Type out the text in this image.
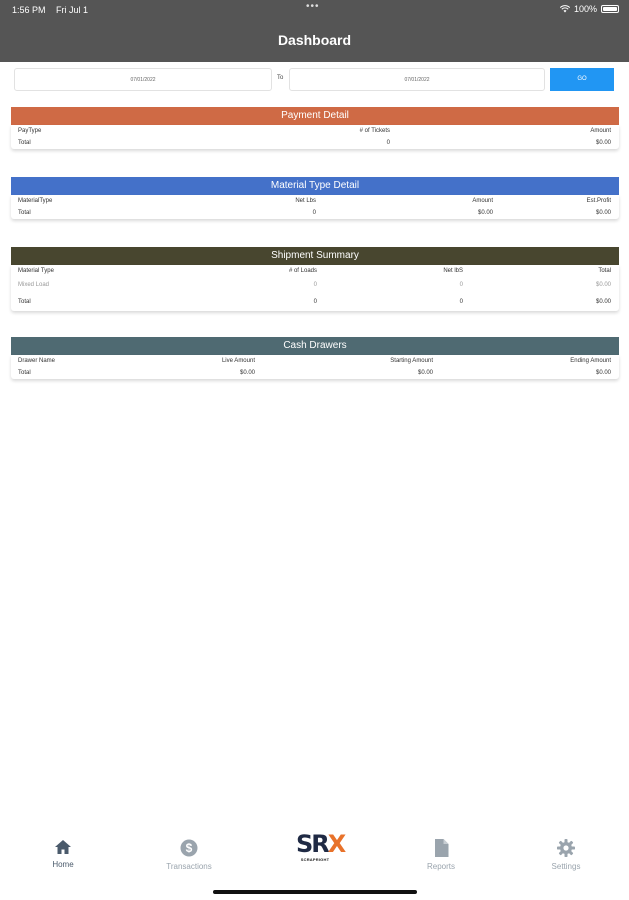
1:56 PM Fri Jul 1	•••	100%
Dashboard
07/01/2022
To
07/01/2022	GO
Payment Detail
PayType	# of Tickets	Amount
Total	0	$0.00
Material Type Detail
MaterialType	Net Lbs	Amount	Est.Profit
Total	0	$0.00	$0.00
Shipment Summary
Material Type	# of Loads	Net lbS	Total
Mixed Load	0	0	$0.00
Total	0	0	$0.00
Cash Drawers
Drawer Name	Live Amount	Starting Amount	Ending Amount
Total	$0.00	$0.00	$0.00
Home
$
Transactions
SRX
SCRAPRIGHT
Reports	Settings
